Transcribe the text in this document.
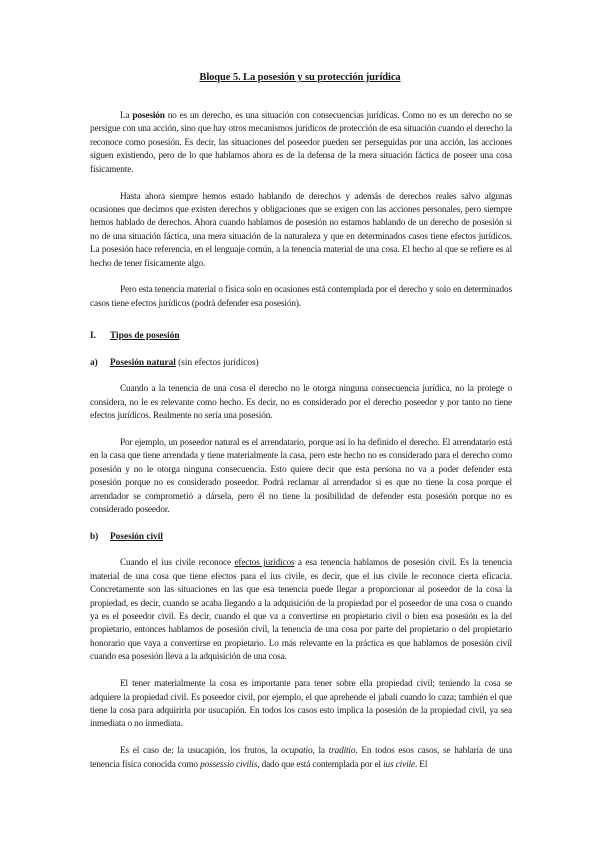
Bloque 5. La posesión y su protección jurídica

La posesión no es un derecho, es una situación con consecuencias jurídicas. Como no es un derecho no se persigue con una acción, sino que hay otros mecanismos jurídicos de protección de esa situación cuando el derecho la reconoce como posesión. Es decir, las situaciones del poseedor pueden ser perseguidas por una acción, las acciones siguen existiendo, pero de lo que hablamos ahora es de la defensa de la mera situación fáctica de poseer una cosa físicamente.

Hasta ahora siempre hemos estado hablando de derechos y además de derechos reales salvo algunas ocasiones que decimos que existen derechos y obligaciones que se exigen con las acciones personales, pero siempre hemos hablado de derechos. Ahora cuando hablamos de posesión no estamos hablando de un derecho de posesión si no de una situación fáctica, una mera situación de la naturaleza y que en determinados casos tiene efectos jurídicos. La posesión hace referencia, en el lenguaje común, a la tenencia material de una cosa. El hecho al que se refiere es al hecho de tener físicamente algo.

Pero esta tenencia material o física solo en ocasiones está contemplada por el derecho y solo en determinados casos tiene efectos jurídicos (podrá defender esa posesión).

I. Tipos de posesión
a) Posesión natural (sin efectos jurídicos)

Cuando a la tenencia de una cosa el derecho no le otorga ninguna consecuencia jurídica, no la protege o considera, no le es relevante como hecho. Es decir, no es considerado por el derecho poseedor y por tanto no tiene efectos jurídicos. Realmente no sería una posesión.

Por ejemplo, un poseedor natural es el arrendatario, porque así lo ha definido el derecho. El arrendatario está en la casa que tiene arrendada y tiene materialmente la casa, pero este hecho no es considerado para el derecho como posesión y no le otorga ninguna consecuencia. Esto quiere decir que esta persona no va a poder defender esta posesión porque no es considerado poseedor. Podrá reclamar al arrendador si es que no tiene la cosa porque el arrendador se comprometió a dársela, pero él no tiene la posibilidad de defender esta posesión porque no es considerado poseedor.

b) Posesión civil

Cuando el ius civile reconoce efectos jurídicos a esa tenencia hablamos de posesión civil. Es la tenencia material de una cosa que tiene efectos para el ius civile, es decir, que el ius civile le reconoce cierta eficacia. Concretamente son las situaciones en las que esa tenencia puede llegar a proporcionar al poseedor de la cosa la propiedad, es decir, cuando se acaba llegando a la adquisición de la propiedad por el poseedor de una cosa o cuando ya es el poseedor civil. Es decir, cuando el que va a convertirse en propietario civil o bien esa posesión es la del propietario, entonces hablamos de posesión civil, la tenencia de una cosa por parte del propietario o del propietario honorario que vaya a convertirse en propietario. Lo más relevante en la práctica es que hablamos de posesión civil cuando esa posesión lleva a la adquisición de una cosa.

El tener materialmente la cosa es importante para tener sobre ella propiedad civil; teniendo la cosa se adquiere la propiedad civil. Es poseedor civil, por ejemplo, el que aprehende el jabalí cuando lo caza; también el que tiene la cosa para adquirirla por usucapión. En todos los casos esto implica la posesión de la propiedad civil, ya sea inmediata o no inmediata.

Es el caso de: la usucapión, los frutos, la ocupatio, la traditio. En todos esos casos, se hablaría de una tenencia física conocida como possessio civilis, dado que está contemplada por el ius civile. El
